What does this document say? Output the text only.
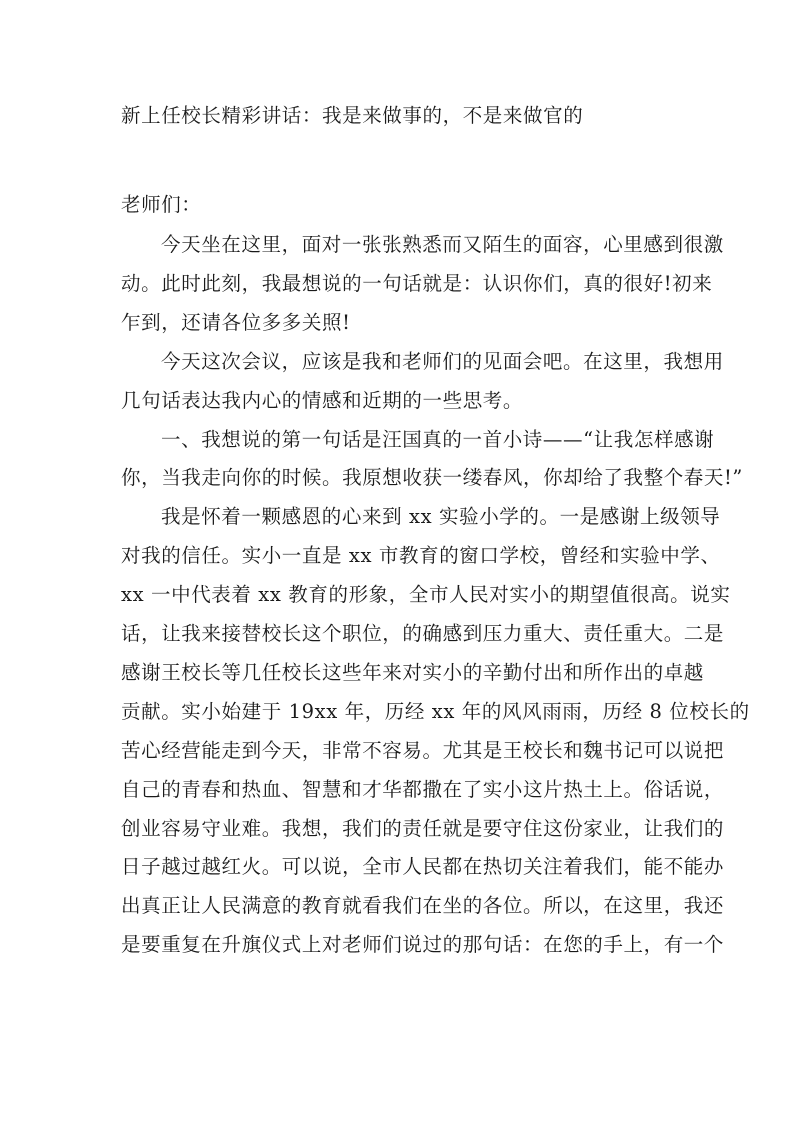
新上任校长精彩讲话：我是来做事的，不是来做官的
老师们：
今天坐在这里，面对一张张熟悉而又陌生的面容，心里感到很激
动。此时此刻，我最想说的一句话就是：认识你们，真的很好!初来
乍到，还请各位多多关照!
今天这次会议，应该是我和老师们的见面会吧。在这里，我想用
几句话表达我内心的情感和近期的一些思考。
一、我想说的第一句话是汪国真的一首小诗——“让我怎样感谢
你，当我走向你的时候。我原想收获一缕春风，你却给了我整个春天!”
我是怀着一颗感恩的心来到 xx 实验小学的。一是感谢上级领导
对我的信任。实小一直是 xx 市教育的窗口学校，曾经和实验中学、
xx 一中代表着 xx 教育的形象，全市人民对实小的期望值很高。说实
话，让我来接替校长这个职位，的确感到压力重大、责任重大。二是
感谢王校长等几任校长这些年来对实小的辛勤付出和所作出的卓越
贡献。实小始建于 19xx 年，历经 xx 年的风风雨雨，历经 8 位校长的
苦心经营能走到今天，非常不容易。尤其是王校长和魏书记可以说把
自己的青春和热血、智慧和才华都撒在了实小这片热土上。俗话说，
创业容易守业难。我想，我们的责任就是要守住这份家业，让我们的
日子越过越红火。可以说，全市人民都在热切关注着我们，能不能办
出真正让人民满意的教育就看我们在坐的各位。所以，在这里，我还
是要重复在升旗仪式上对老师们说过的那句话：在您的手上，有一个
